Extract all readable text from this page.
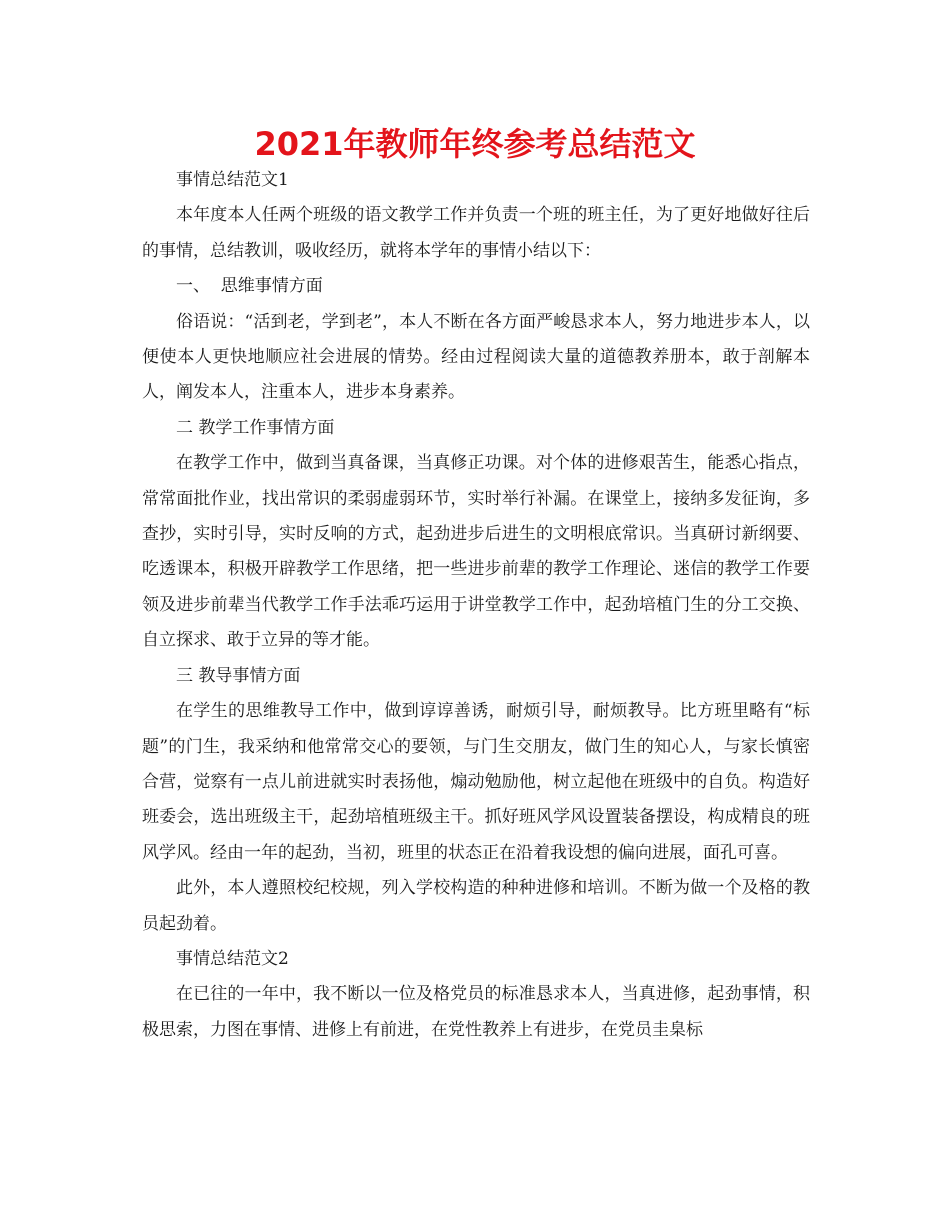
2021年教师年终参考总结范文

事情总结范文1

本年度本人任两个班级的语文教学工作并负责一个班的班主任，为了更好地做好往后的事情，总结教训，吸收经历，就将本学年的事情小结以下：

一、  思维事情方面

俗语说：“活到老，学到老”，本人不断在各方面严峻恳求本人，努力地进步本人，以便使本人更快地顺应社会进展的情势。经由过程阅读大量的道德教养册本，敢于剖解本人，阐发本人，注重本人，进步本身素养。

二 教学工作事情方面

在教学工作中，做到当真备课，当真修正功课。对个体的进修艰苦生，能悉心指点，常常面批作业，找出常识的柔弱虚弱环节，实时举行补漏。在课堂上，接纳多发征询，多查抄，实时引导，实时反响的方式，起劲进步后进生的文明根底常识。当真研讨新纲要、吃透课本，积极开辟教学工作思绪，把一些进步前辈的教学工作理论、迷信的教学工作要领及进步前辈当代教学工作手法乖巧运用于讲堂教学工作中，起劲培植门生的分工交换、自立探求、敢于立异的等才能。

三 教导事情方面

在学生的思维教导工作中，做到谆谆善诱，耐烦引导，耐烦教导。比方班里略有“标题”的门生，我采纳和他常常交心的要领，与门生交朋友，做门生的知心人，与家长慎密合营，觉察有一点儿前进就实时表扬他，煽动勉励他，树立起他在班级中的自负。构造好班委会，选出班级主干，起劲培植班级主干。抓好班风学风设置装备摆设，构成精良的班风学风。经由一年的起劲，当初，班里的状态正在沿着我设想的偏向进展，面孔可喜。

此外，本人遵照校纪校规，列入学校构造的种种进修和培训。不断为做一个及格的教员起劲着。

事情总结范文2

在已往的一年中，我不断以一位及格党员的标准恳求本人，当真进修，起劲事情，积极思索，力图在事情、进修上有前进，在党性教养上有进步，在党员圭臬标
